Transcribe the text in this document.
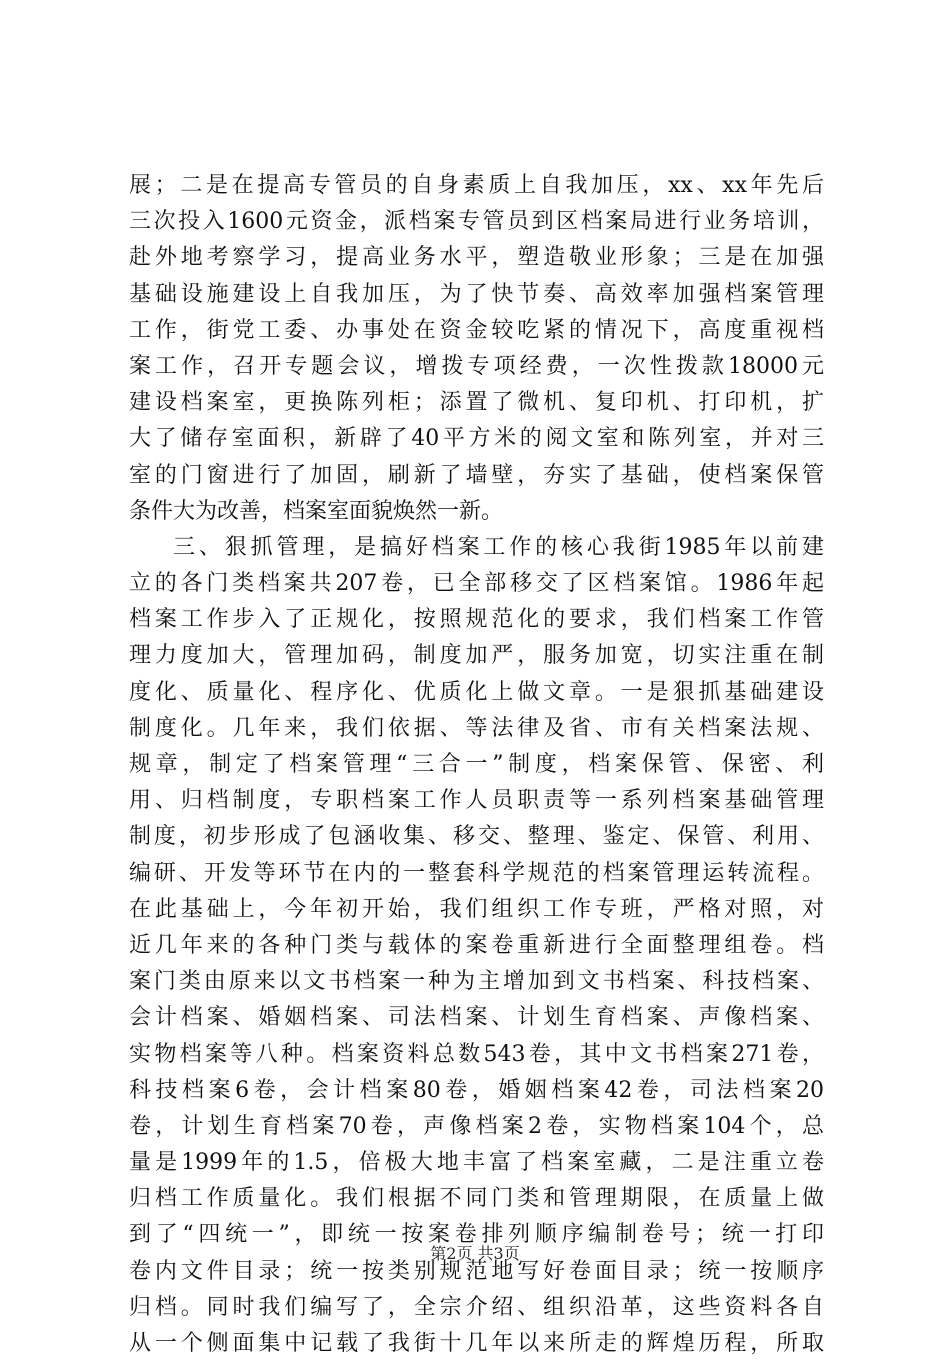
展；二是在提高专管员的自身素质上自我加压，xx、xx年先后
三次投入1600元资金，派档案专管员到区档案局进行业务培训，
赴外地考察学习，提高业务水平，塑造敬业形象；三是在加强
基础设施建设上自我加压，为了快节奏、高效率加强档案管理
工作，街党工委、办事处在资金较吃紧的情况下，高度重视档
案工作，召开专题会议，增拨专项经费，一次性拨款18000元
建设档案室，更换陈列柜；添置了微机、复印机、打印机，扩
大了储存室面积，新辟了40平方米的阅文室和陈列室，并对三
室的门窗进行了加固，刷新了墙壁，夯实了基础，使档案保管
条件大为改善，档案室面貌焕然一新。
三、狠抓管理，是搞好档案工作的核心我街1985年以前建
立的各门类档案共207卷，已全部移交了区档案馆。1986年起
档案工作步入了正规化，按照规范化的要求，我们档案工作管
理力度加大，管理加码，制度加严，服务加宽，切实注重在制
度化、质量化、程序化、优质化上做文章。一是狠抓基础建设
制度化。几年来，我们依据、等法律及省、市有关档案法规、
规章，制定了档案管理“三合一”制度，档案保管、保密、利
用、归档制度，专职档案工作人员职责等一系列档案基础管理
制度，初步形成了包涵收集、移交、整理、鉴定、保管、利用、
编研、开发等环节在内的一整套科学规范的档案管理运转流程。
在此基础上，今年初开始，我们组织工作专班，严格对照，对
近几年来的各种门类与载体的案卷重新进行全面整理组卷。档
案门类由原来以文书档案一种为主增加到文书档案、科技档案、
会计档案、婚姻档案、司法档案、计划生育档案、声像档案、
实物档案等八种。档案资料总数543卷，其中文书档案271卷，
科技档案6卷，会计档案80卷，婚姻档案42卷，司法档案20
卷，计划生育档案70卷，声像档案2卷，实物档案104个，总
量是1999年的1.5，倍极大地丰富了档案室藏，二是注重立卷
归档工作质量化。我们根据不同门类和管理期限，在质量上做
到了“四统一”，即统一按案卷排列顺序编制卷号；统一打印
卷内文件目录；统一按类别规范地写好卷面目录；统一按顺序
归档。同时我们编写了，全宗介绍、组织沿革，这些资料各自
从一个侧面集中记载了我街十几年以来所走的辉煌历程，所取
第2页 共3页
